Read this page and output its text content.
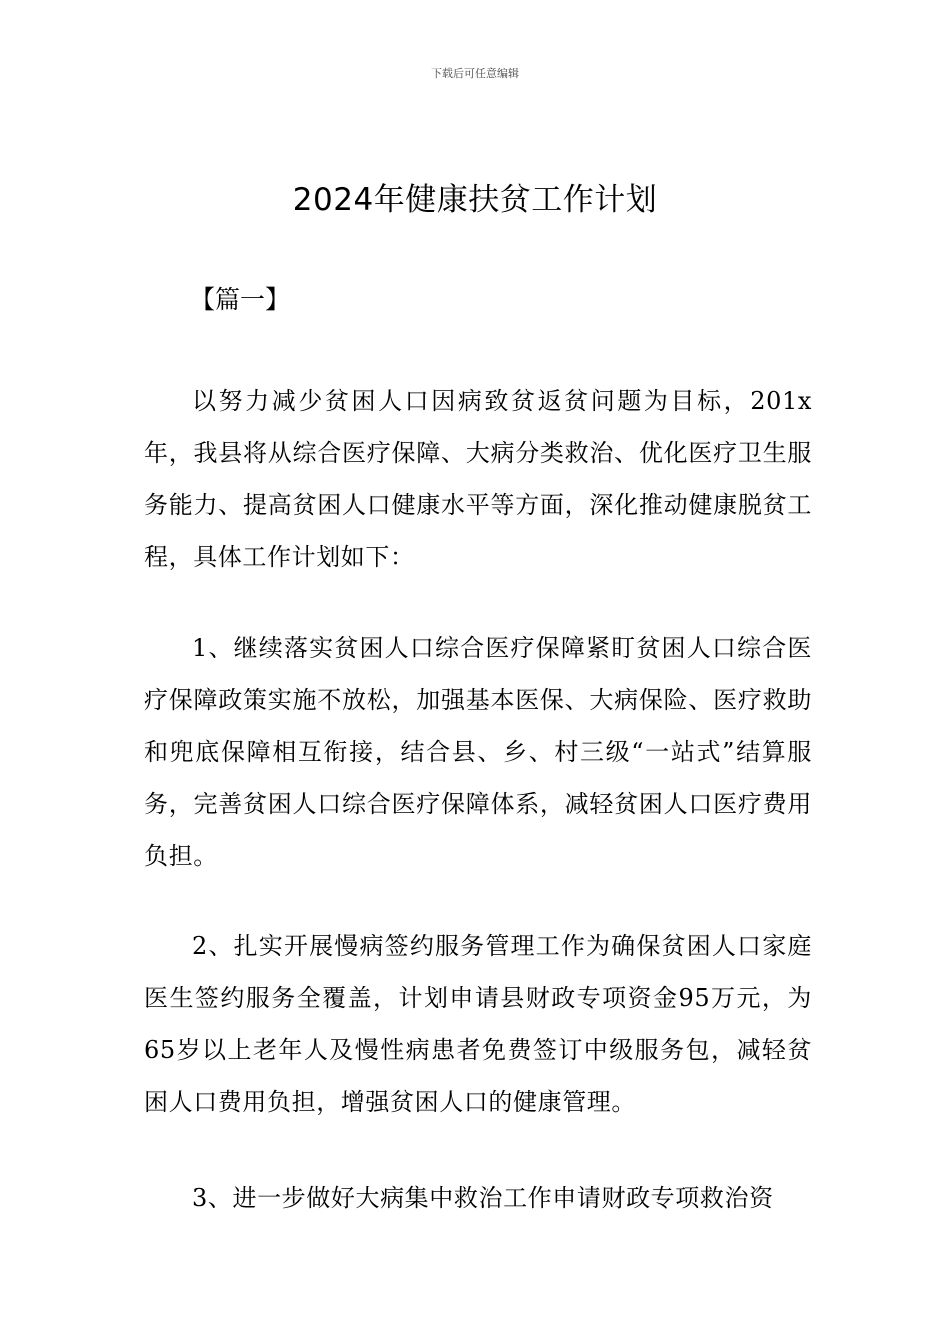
下载后可任意编辑
2024年健康扶贫工作计划
【篇一】

以努力减少贫困人口因病致贫返贫问题为目标，201x年，我县将从综合医疗保障、大病分类救治、优化医疗卫生服务能力、提高贫困人口健康水平等方面，深化推动健康脱贫工程，具体工作计划如下：

1、继续落实贫困人口综合医疗保障紧盯贫困人口综合医疗保障政策实施不放松，加强基本医保、大病保险、医疗救助和兜底保障相互衔接，结合县、乡、村三级“一站式”结算服务，完善贫困人口综合医疗保障体系，减轻贫困人口医疗费用负担。

2、扎实开展慢病签约服务管理工作为确保贫困人口家庭医生签约服务全覆盖，计划申请县财政专项资金95万元，为65岁以上老年人及慢性病患者免费签订中级服务包，减轻贫困人口费用负担，增强贫困人口的健康管理。

3、进一步做好大病集中救治工作申请财政专项救治资
